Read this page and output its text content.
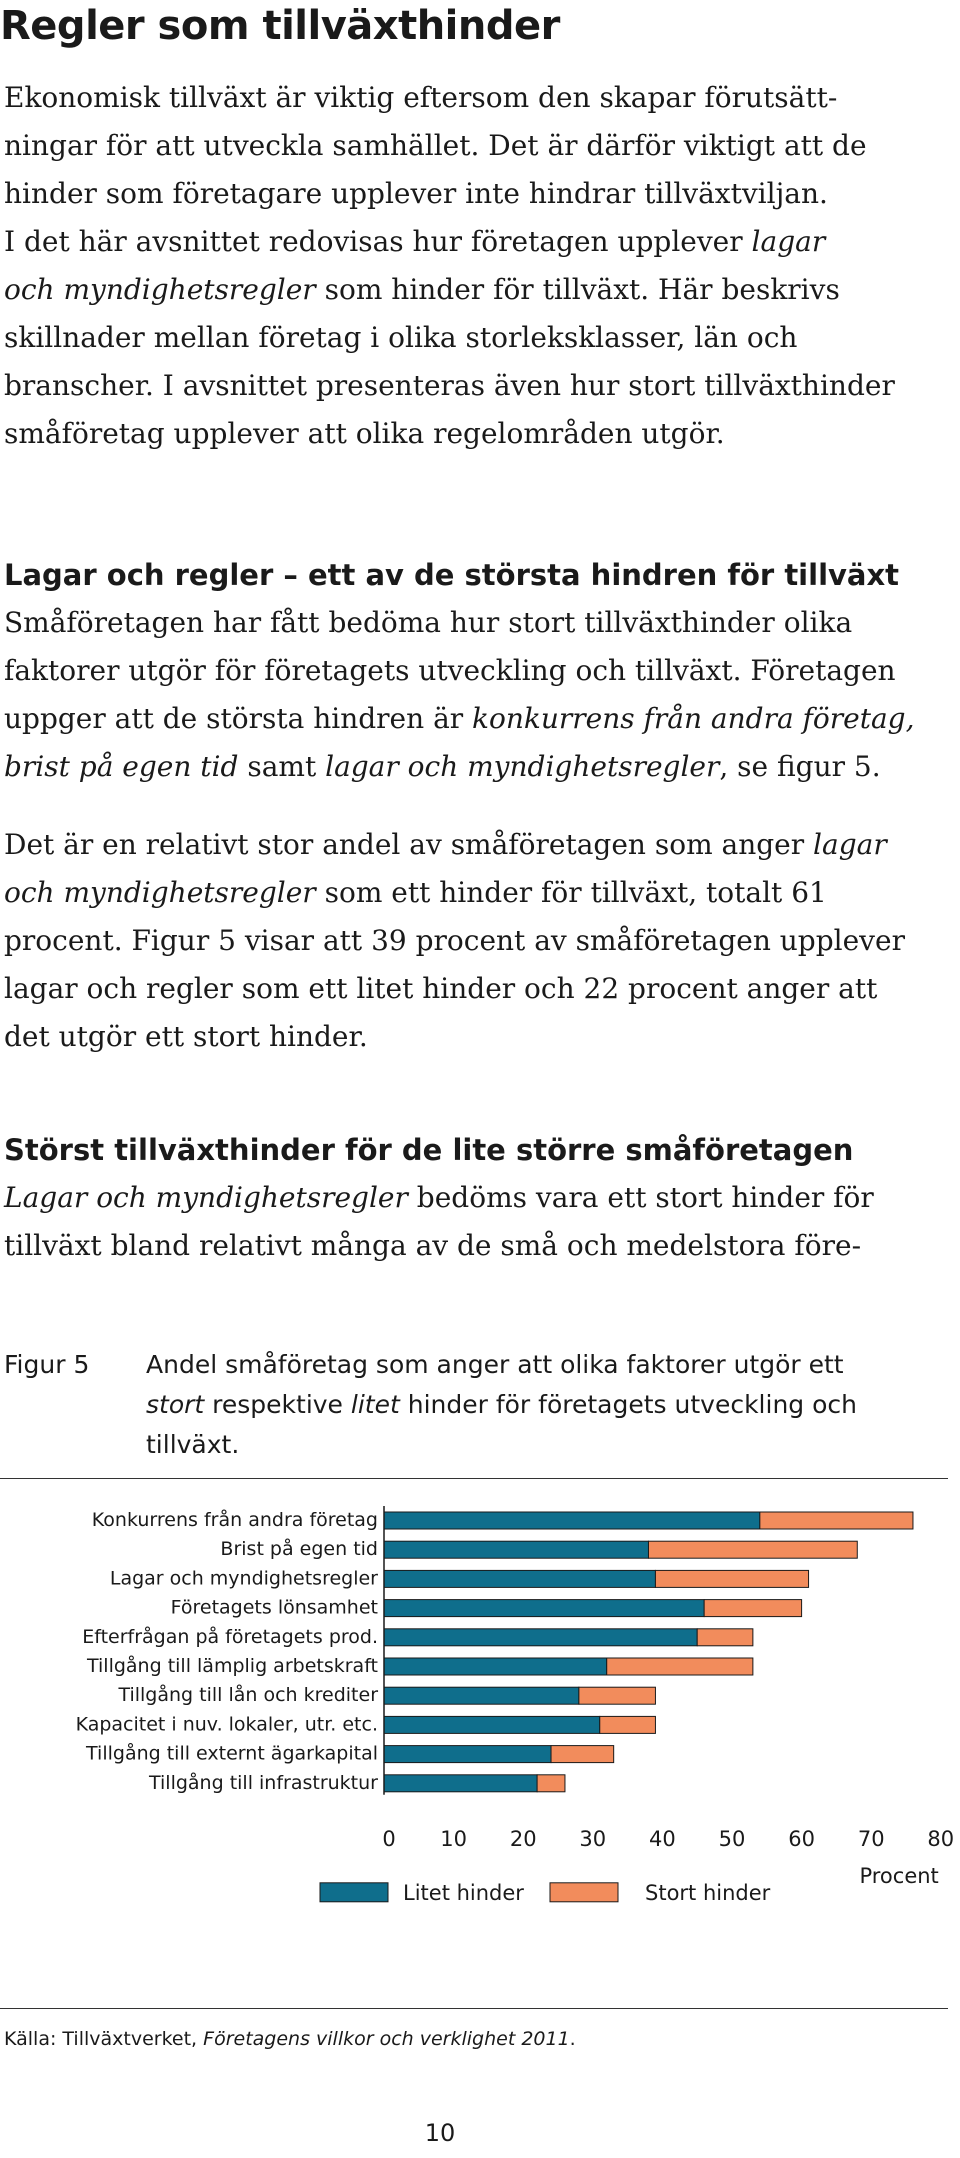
Regler som tillväxthinder
Ekonomisk tillväxt är viktig eftersom den skapar förutsätt-
ningar för att utveckla samhället. Det är därför viktigt att de
hinder som företagare upplever inte hindrar tillväxtviljan.
I det här avsnittet redovisas hur företagen upplever lagar
och myndighetsregler som hinder för tillväxt. Här beskrivs
skillnader mellan företag i olika storleksklasser, län och
branscher. I avsnittet presenteras även hur stort tillväxthinder
småföretag upplever att olika regelområden utgör.
Lagar och regler – ett av de största hindren för tillväxt
Småföretagen har fått bedöma hur stort tillväxthinder olika
faktorer utgör för företagets utveckling och tillväxt. Företagen
uppger att de största hindren är konkurrens från andra företag,
brist på egen tid samt lagar och myndighetsregler, se figur 5.
Det är en relativt stor andel av småföretagen som anger lagar
och myndighetsregler som ett hinder för tillväxt, totalt 61
procent. Figur 5 visar att 39 procent av småföretagen upplever
lagar och regler som ett litet hinder och 22 procent anger att
det utgör ett stort hinder.
Störst tillväxthinder för de lite större småföretagen
Lagar och myndighetsregler bedöms vara ett stort hinder för
tillväxt bland relativt många av de små och medelstora före-
Figur 5 Andel småföretag som anger att olika faktorer utgör ett
stort respektive litet hinder för företagets utveckling och
tillväxt.
Konkurrens från andra företag
Brist på egen tid
Lagar och myndighetsregler
Företagets lönsamhet
Efterfrågan på företagets prod.
Tillgång till lämplig arbetskraft
Tillgång till lån och krediter
Kapacitet i nuv. lokaler, utr. etc.
Tillgång till externt ägarkapital
Tillgång till infrastruktur
0 10 20 30 40 50 60 70 80
Procent
Litet hinder	Stort hinder
Källa: Tillväxtverket, Företagens villkor och verklighet 2011.
10
